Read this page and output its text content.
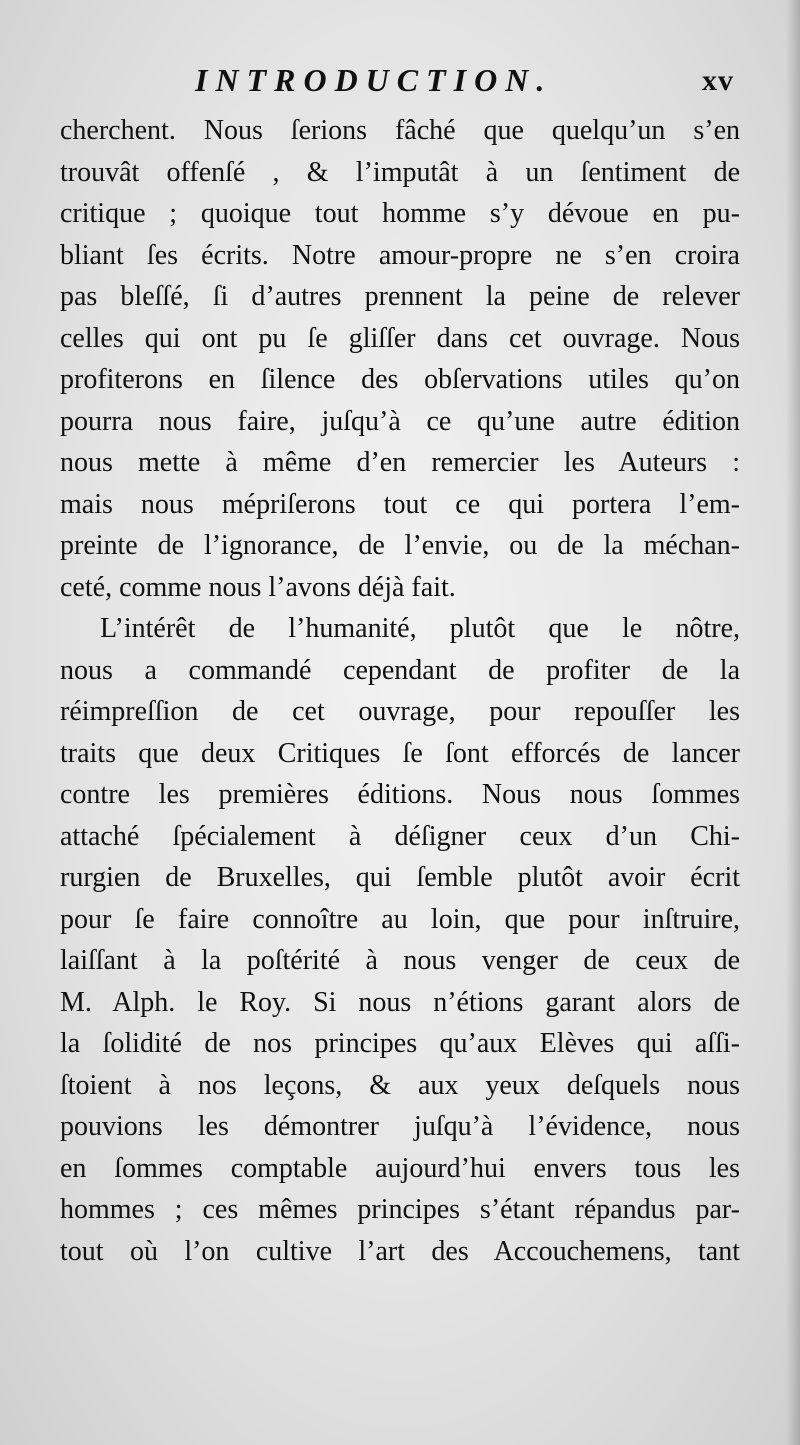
INTRODUCTION.	xv
cherchent. Nous ſerions fâché que quelqu’un s’en
trouvât offenſé , & l’imputât à un ſentiment de
critique ; quoique tout homme s’y dévoue en pu-
bliant ſes écrits. Notre amour-propre ne s’en croira
pas bleſſé, ſi d’autres prennent la peine de relever
celles qui ont pu ſe gliſſer dans cet ouvrage. Nous
profiterons en ſilence des obſervations utiles qu’on
pourra nous faire, juſqu’à ce qu’une autre édition
nous mette à même d’en remercier les Auteurs :
mais nous mépriſerons tout ce qui portera l’em-
preinte de l’ignorance, de l’envie, ou de la méchan-
ceté, comme nous l’avons déjà fait.
L’intérêt de l’humanité, plutôt que le nôtre,
nous a commandé cependant de profiter de la
réimpreſſion de cet ouvrage, pour repouſſer les
traits que deux Critiques ſe ſont efforcés de lancer
contre les premières éditions. Nous nous ſommes
attaché ſpécialement à déſigner ceux d’un Chi-
rurgien de Bruxelles, qui ſemble plutôt avoir écrit
pour ſe faire connoître au loin, que pour inſtruire,
laiſſant à la poſtérité à nous venger de ceux de
M. Alph. le Roy. Si nous n’étions garant alors de
la ſolidité de nos principes qu’aux Elèves qui aſſi-
ſtoient à nos leçons, & aux yeux deſquels nous
pouvions les démontrer juſqu’à l’évidence, nous
en ſommes comptable aujourd’hui envers tous les
hommes ; ces mêmes principes s’étant répandus par-
tout où l’on cultive l’art des Accouchemens, tant
